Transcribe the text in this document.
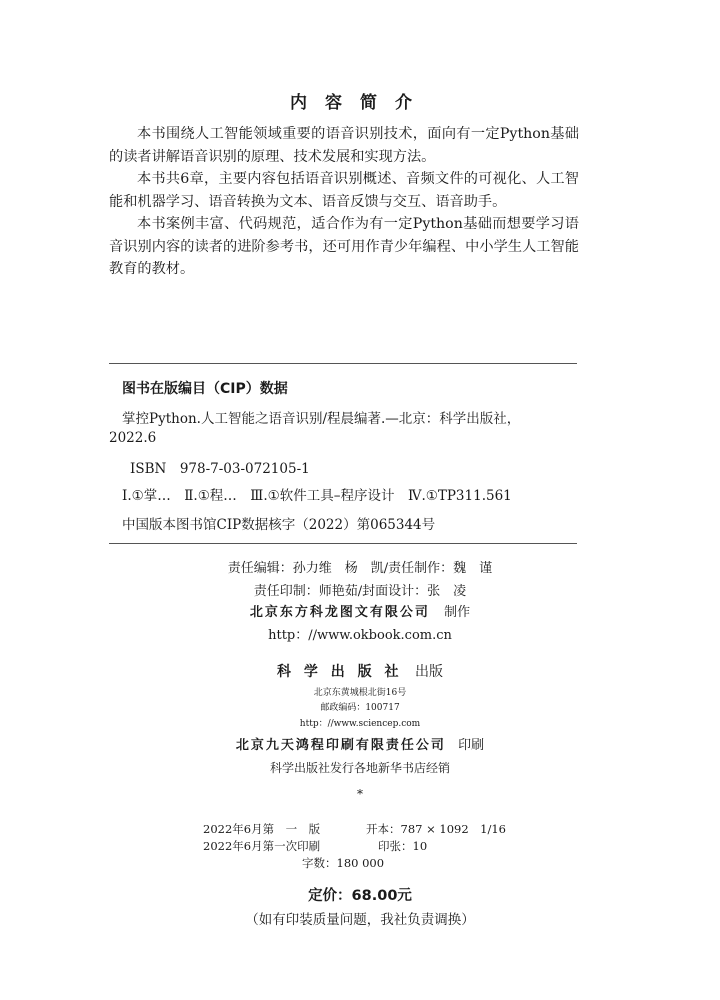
内容简介
本书围绕人工智能领域重要的语音识别技术，面向有一定Python基础的读者讲解语音识别的原理、技术发展和实现方法。
本书共6章，主要内容包括语音识别概述、音频文件的可视化、人工智能和机器学习、语音转换为文本、语音反馈与交互、语音助手。
本书案例丰富、代码规范，适合作为有一定Python基础而想要学习语音识别内容的读者的进阶参考书，还可用作青少年编程、中小学生人工智能教育的教材。
图书在版编目（CIP）数据
掌控Python.人工智能之语音识别/程晨编著.—北京：科学出版社，
2022.6
ISBN　978-7-03-072105-1
Ⅰ.①掌…　Ⅱ.①程…　Ⅲ.①软件工具–程序设计　Ⅳ.①TP311.561
中国版本图书馆CIP数据核字（2022）第065344号
责任编辑：孙力维　杨　凯/责任制作：魏　谨
责任印制：师艳茹/封面设计：张　凌
北京东方科龙图文有限公司 制作
http：//www.okbook.com.cn
科 学 出 版 社 出版
北京东黄城根北街16号
邮政编码：100717
http：//www.sciencep.com
北京九天鸿程印刷有限责任公司 印刷
科学出版社发行各地新华书店经销
*
2022年6月第　一　版	开本：787 × 1092　1/16
2022年6月第一次印刷	印张：10
字数：180 000
定价：68.00元
（如有印装质量问题，我社负责调换）
